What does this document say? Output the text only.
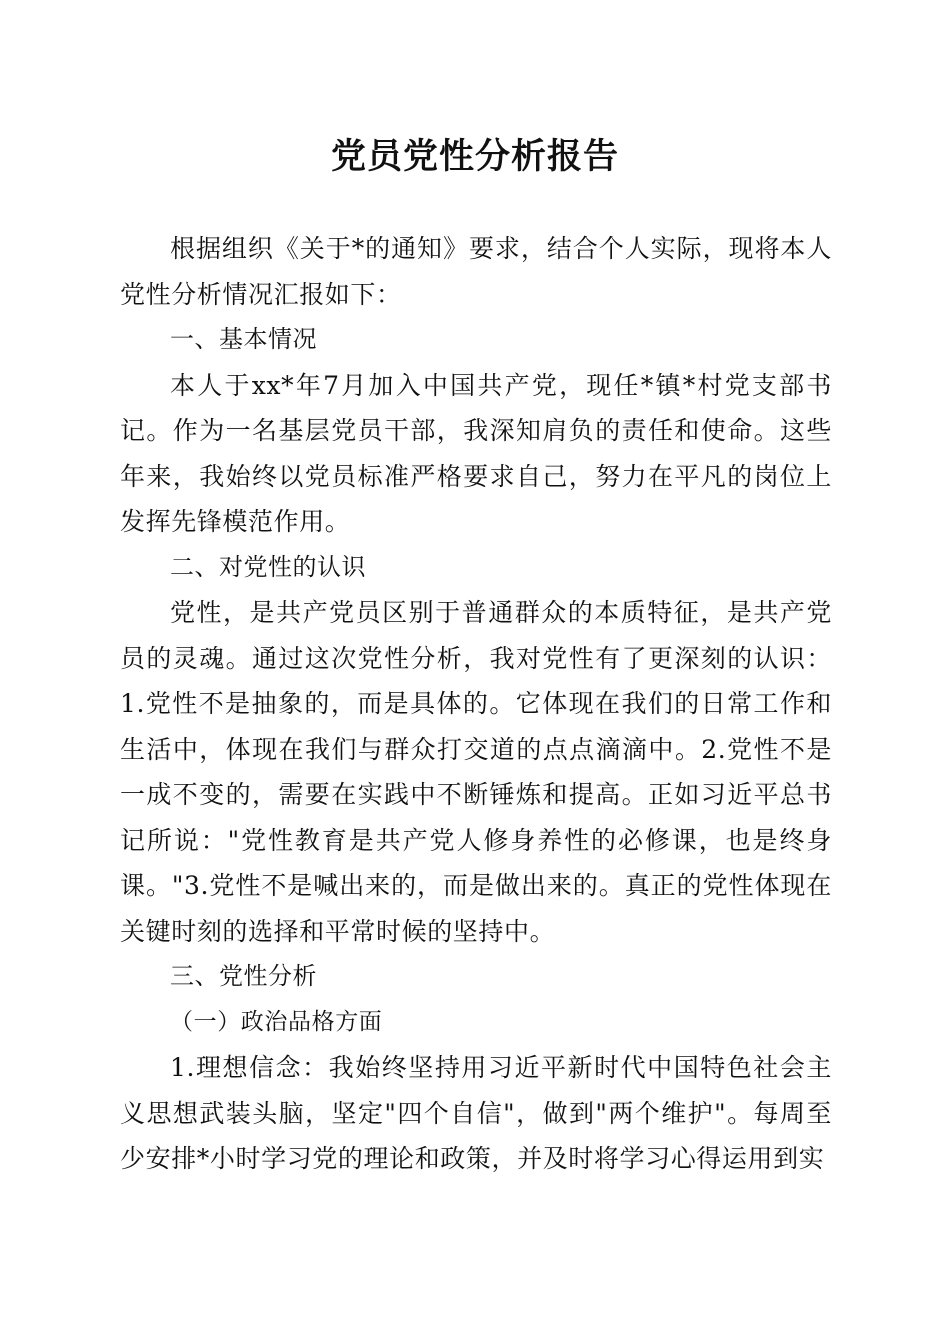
党员党性分析报告

根据组织《关于*的通知》要求，结合个人实际，现将本人党性分析情况汇报如下：

一、基本情况

本人于xx*年7月加入中国共产党，现任*镇*村党支部书记。作为一名基层党员干部，我深知肩负的责任和使命。这些年来，我始终以党员标准严格要求自己，努力在平凡的岗位上发挥先锋模范作用。

二、对党性的认识

党性，是共产党员区别于普通群众的本质特征，是共产党员的灵魂。通过这次党性分析，我对党性有了更深刻的认识：1.党性不是抽象的，而是具体的。它体现在我们的日常工作和生活中，体现在我们与群众打交道的点点滴滴中。2.党性不是一成不变的，需要在实践中不断锤炼和提高。正如习近平总书记所说："党性教育是共产党人修身养性的必修课，也是终身课。"3.党性不是喊出来的，而是做出来的。真正的党性体现在关键时刻的选择和平常时候的坚持中。

三、党性分析

（一）政治品格方面

1.理想信念：我始终坚持用习近平新时代中国特色社会主义思想武装头脑，坚定"四个自信"，做到"两个维护"。每周至少安排*小时学习党的理论和政策，并及时将学习心得运用到实
